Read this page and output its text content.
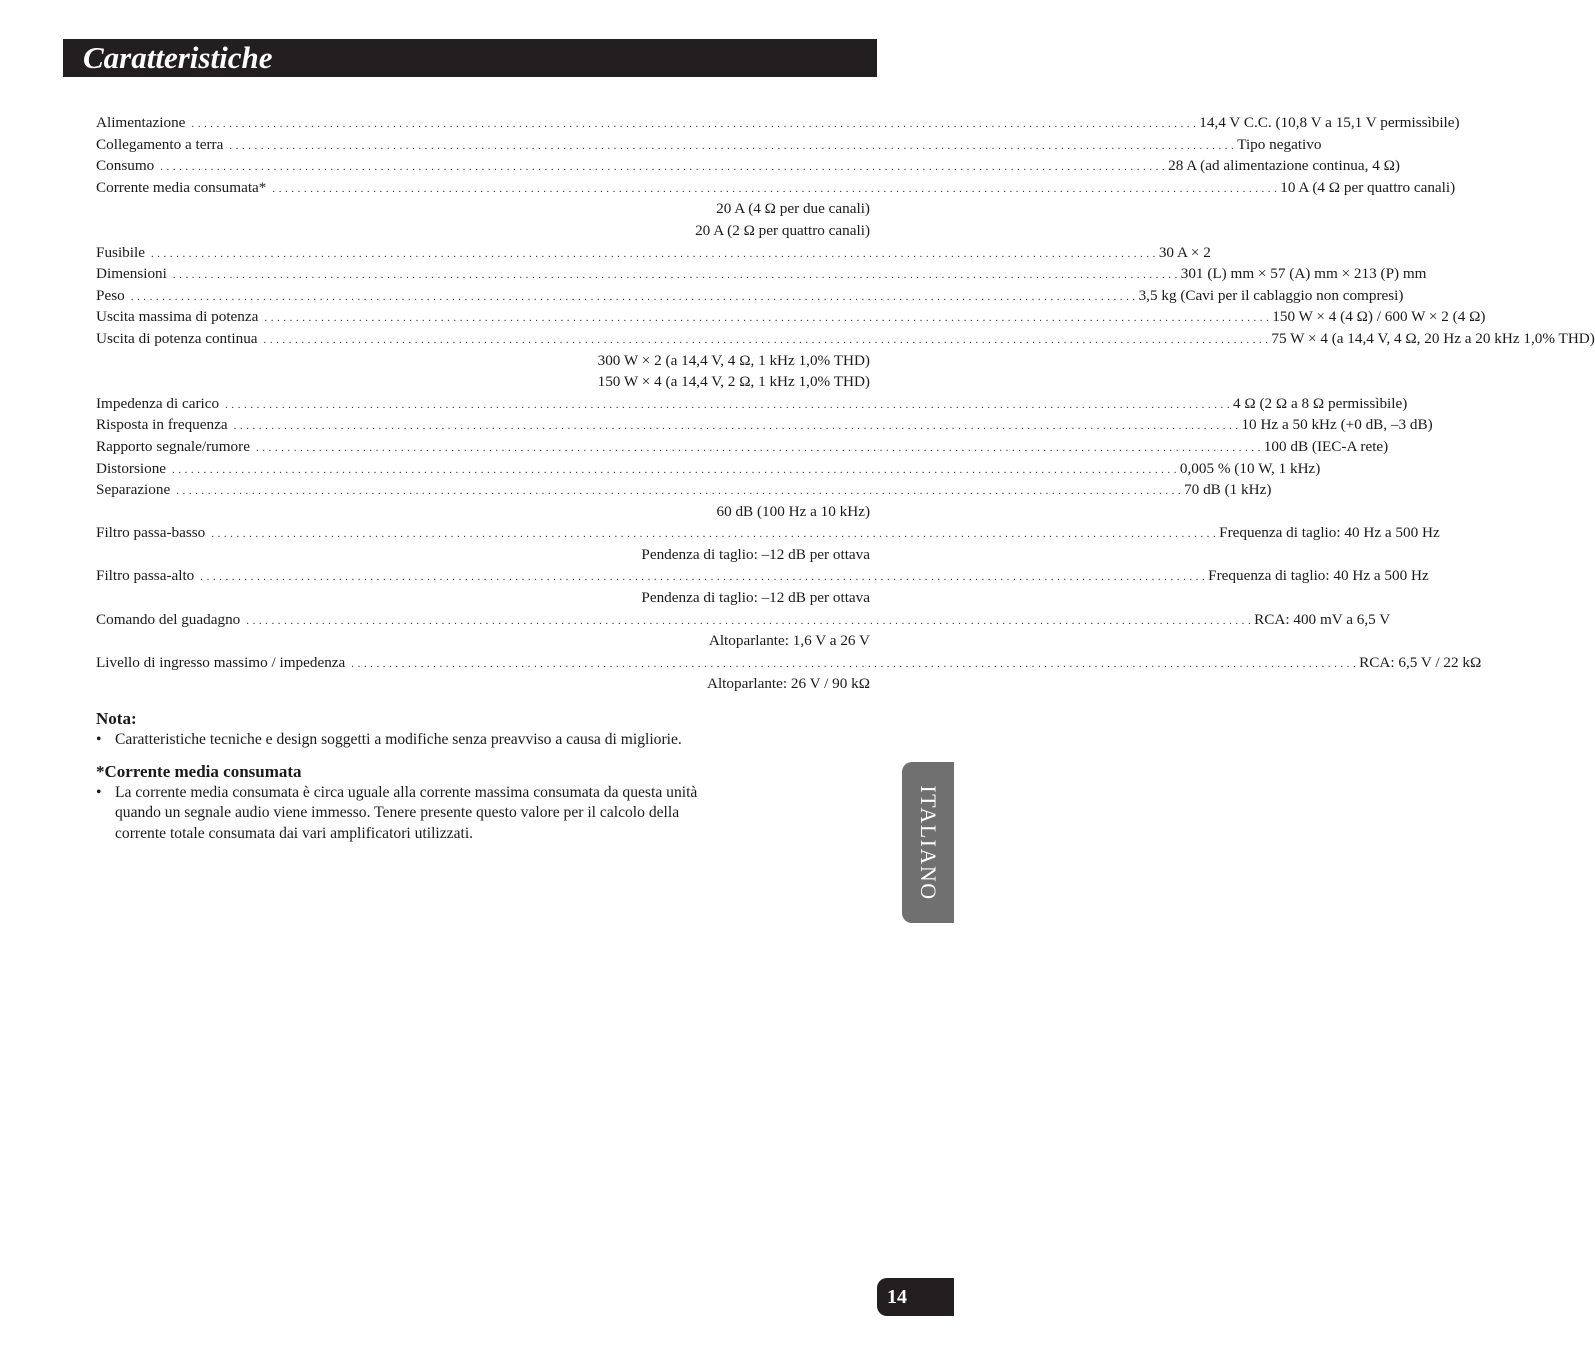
Caratteristiche
Alimentazione . . . . . . . . . . . . . . . . . . . . . . . . . . . . . . . . . . . . . . . . . . . . . . . . . . . . . . . . . . . . . . . . . . . . . . . . . . . . . . . . . . . . . . . . . . . . . . . . . . . . . . . . . . . . . . . . . . . . . . . . . . . . . . . . . . . . . . . . . . . . . . . . . . . . . . . . . . . . . . . . 14,4 V C.C. (10,8 V a 15,1 V permissìbile)
Collegamento a terra . . . . . . . . . . . . . . . . . . . . . . . . . . . . . . . . . . . . . . . . . . . . . . . . . . . . . . . . . . . . . . . . . . . . . . . . . . . . . . . . . . . . . . . . . . . . . . . . . . . . . . . . . . . . . . . . . . . . . . . . . . . . . . . . . . . . . . . . . . . . . . . . . . . . . . . . . . . . . . . . Tipo negativo
Consumo . . . . . . . . . . . . . . . . . . . . . . . . . . . . . . . . . . . . . . . . . . . . . . . . . . . . . . . . . . . . . . . . . . . . . . . . . . . . . . . . . . . . . . . . . . . . . . . . . . . . . . . . . . . . . . . . . . . . . . . . . . . . . . . . . . . . . . . . . . . . . . . . . . . . . . . . . . . . . . . . 28 A (ad alimentazione continua, 4 Ω)
Corrente media consumata* . . . . . . . . . . . . . . . . . . . . . . . . . . . . . . . . . . . . . . . . . . . . . . . . . . . . . . . . . . . . . . . . . . . . . . . . . . . . . . . . . . . . . . . . . . . . . . . . . . . . . . . . . . . . . . . . . . . . . . . . . . . . . . . . . . . . . . . . . . . . . . . . . . . . . . . . . . . . . . . . 10 A (4 Ω per quattro canali)
20 A (4 Ω per due canali)
20 A (2 Ω per quattro canali)
Fusibile . . . . . . . . . . . . . . . . . . . . . . . . . . . . . . . . . . . . . . . . . . . . . . . . . . . . . . . . . . . . . . . . . . . . . . . . . . . . . . . . . . . . . . . . . . . . . . . . . . . . . . . . . . . . . . . . . . . . . . . . . . . . . . . . . . . . . . . . . . . . . . . . . . . . . . . . . . . . . . . . 30 A × 2
Dimensioni . . . . . . . . . . . . . . . . . . . . . . . . . . . . . . . . . . . . . . . . . . . . . . . . . . . . . . . . . . . . . . . . . . . . . . . . . . . . . . . . . . . . . . . . . . . . . . . . . . . . . . . . . . . . . . . . . . . . . . . . . . . . . . . . . . . . . . . . . . . . . . . . . . . . . . . . . . . . . . . . 301 (L) mm × 57 (A) mm × 213 (P) mm
Peso . . . . . . . . . . . . . . . . . . . . . . . . . . . . . . . . . . . . . . . . . . . . . . . . . . . . . . . . . . . . . . . . . . . . . . . . . . . . . . . . . . . . . . . . . . . . . . . . . . . . . . . . . . . . . . . . . . . . . . . . . . . . . . . . . . . . . . . . . . . . . . . . . . . . . . . . . . . . . . . . 3,5 kg (Cavi per il cablaggio non compresi)
Uscita massima di potenza . . . . . . . . . . . . . . . . . . . . . . . . . . . . . . . . . . . . . . . . . . . . . . . . . . . . . . . . . . . . . . . . . . . . . . . . . . . . . . . . . . . . . . . . . . . . . . . . . . . . . . . . . . . . . . . . . . . . . . . . . . . . . . . . . . . . . . . . . . . . . . . . . . . . . . . . . . . . . . . . 150 W × 4 (4 Ω) / 600 W × 2 (4 Ω)
Uscita di potenza continua . . . . . . . . . . . . . . . . . . . . . . . . . . . . . . . . . . . . . . . . . . . . . . . . . . . . . . . . . . . . . . . . . . . . . . . . . . . . . . . . . . . . . . . . . . . . . . . . . . . . . . . . . . . . . . . . . . . . . . . . . . . . . . . . . . . . . . . . . . . . . . . . . . . . . . . . . . . . . . . . 75 W × 4 (a 14,4 V, 4 Ω, 20 Hz a 20 kHz 1,0% THD)
300 W × 2 (a 14,4 V, 4 Ω, 1 kHz 1,0% THD)
150 W × 4 (a 14,4 V, 2 Ω, 1 kHz 1,0% THD)
Impedenza di carico . . . . . . . . . . . . . . . . . . . . . . . . . . . . . . . . . . . . . . . . . . . . . . . . . . . . . . . . . . . . . . . . . . . . . . . . . . . . . . . . . . . . . . . . . . . . . . . . . . . . . . . . . . . . . . . . . . . . . . . . . . . . . . . . . . . . . . . . . . . . . . . . . . . . . . . . . . . . . . . . 4 Ω (2 Ω a 8 Ω permissìbile)
Risposta in frequenza . . . . . . . . . . . . . . . . . . . . . . . . . . . . . . . . . . . . . . . . . . . . . . . . . . . . . . . . . . . . . . . . . . . . . . . . . . . . . . . . . . . . . . . . . . . . . . . . . . . . . . . . . . . . . . . . . . . . . . . . . . . . . . . . . . . . . . . . . . . . . . . . . . . . . . . . . . . . . . . . 10 Hz a 50 kHz (+0 dB, –3 dB)
Rapporto segnale/rumore . . . . . . . . . . . . . . . . . . . . . . . . . . . . . . . . . . . . . . . . . . . . . . . . . . . . . . . . . . . . . . . . . . . . . . . . . . . . . . . . . . . . . . . . . . . . . . . . . . . . . . . . . . . . . . . . . . . . . . . . . . . . . . . . . . . . . . . . . . . . . . . . . . . . . . . . . . . . . . . . 100 dB (IEC-A rete)
Distorsione . . . . . . . . . . . . . . . . . . . . . . . . . . . . . . . . . . . . . . . . . . . . . . . . . . . . . . . . . . . . . . . . . . . . . . . . . . . . . . . . . . . . . . . . . . . . . . . . . . . . . . . . . . . . . . . . . . . . . . . . . . . . . . . . . . . . . . . . . . . . . . . . . . . . . . . . . . . . . . . . 0,005 % (10 W, 1 kHz)
Separazione . . . . . . . . . . . . . . . . . . . . . . . . . . . . . . . . . . . . . . . . . . . . . . . . . . . . . . . . . . . . . . . . . . . . . . . . . . . . . . . . . . . . . . . . . . . . . . . . . . . . . . . . . . . . . . . . . . . . . . . . . . . . . . . . . . . . . . . . . . . . . . . . . . . . . . . . . . . . . . . . 70 dB (1 kHz)
60 dB (100 Hz a 10 kHz)
Filtro passa-basso . . . . . . . . . . . . . . . . . . . . . . . . . . . . . . . . . . . . . . . . . . . . . . . . . . . . . . . . . . . . . . . . . . . . . . . . . . . . . . . . . . . . . . . . . . . . . . . . . . . . . . . . . . . . . . . . . . . . . . . . . . . . . . . . . . . . . . . . . . . . . . . . . . . . . . . . . . . . . . . . Frequenza di taglio: 40 Hz a 500 Hz
Pendenza di taglio: –12 dB per ottava
Filtro passa-alto . . . . . . . . . . . . . . . . . . . . . . . . . . . . . . . . . . . . . . . . . . . . . . . . . . . . . . . . . . . . . . . . . . . . . . . . . . . . . . . . . . . . . . . . . . . . . . . . . . . . . . . . . . . . . . . . . . . . . . . . . . . . . . . . . . . . . . . . . . . . . . . . . . . . . . . . . . . . . . . . Frequenza di taglio: 40 Hz a 500 Hz
Pendenza di taglio: –12 dB per ottava
Comando del guadagno . . . . . . . . . . . . . . . . . . . . . . . . . . . . . . . . . . . . . . . . . . . . . . . . . . . . . . . . . . . . . . . . . . . . . . . . . . . . . . . . . . . . . . . . . . . . . . . . . . . . . . . . . . . . . . . . . . . . . . . . . . . . . . . . . . . . . . . . . . . . . . . . . . . . . . . . . . . . . . . . RCA: 400 mV a 6,5 V
Altoparlante: 1,6 V a 26 V
Livello di ingresso massimo / impedenza . . . . . . . . . . . . . . . . . . . . . . . . . . . . . . . . . . . . . . . . . . . . . . . . . . . . . . . . . . . . . . . . . . . . . . . . . . . . . . . . . . . . . . . . . . . . . . . . . . . . . . . . . . . . . . . . . . . . . . . . . . . . . . . . . . . . . . . . . . . . . . . . . . . . . . . . . . . . . . . . RCA: 6,5 V / 22 kΩ
Altoparlante: 26 V / 90 kΩ
Nota:
• Caratteristiche tecniche e design soggetti a modifiche senza preavviso a causa di migliorie.
*Corrente media consumata
• La corrente media consumata è circa uguale alla corrente massima consumata da questa unità quando un segnale audio viene immesso. Tenere presente questo valore per il calcolo della corrente totale consumata dai vari amplificatori utilizzati.	ITALIANO
14
